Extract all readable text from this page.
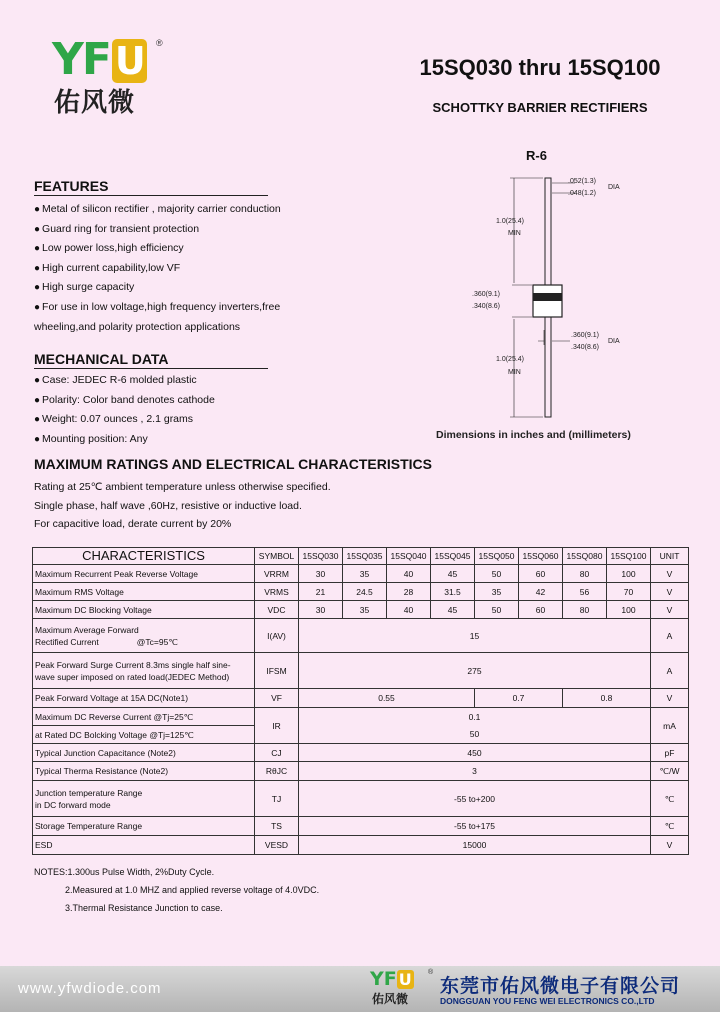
YF U	®
佑风微
15SQ030 thru 15SQ100
SCHOTTKY BARRIER RECTIFIERS
FEATURES
● Metal of silicon rectifier , majority carrier conduction
● Guard ring for transient protection
● Low power loss,high efficiency
● High current capability,low VF
● High surge capacity
● For use in low voltage,high frequency inverters,free
wheeling,and polarity protection applications
MECHANICAL DATA
● Case: JEDEC R-6 molded plastic
● Polarity: Color band denotes cathode
● Weight: 0.07 ounces , 2.1 grams
● Mounting position: Any
R-6
.052(1.3)
.048(1.2)
DIA
1.0(25.4)
MIN
.360(9.1)
.340(8.6)
.360(9.1)
.340(8.6)
DIA
1.0(25.4)
MIN
Dimensions in inches and (millimeters)
MAXIMUM RATINGS AND ELECTRICAL CHARACTERISTICS
Rating at 25℃ ambient temperature unless otherwise specified.
Single phase, half wave ,60Hz, resistive or inductive load.
For capacitive load, derate current by 20%
CHARACTERISTICS	SYMBOL	15SQ030	15SQ035	15SQ040	15SQ045	15SQ050	15SQ060	15SQ080	15SQ100	UNIT
Maximum Recurrent Peak Reverse Voltage	VRRM	30	35	40	45	50	60	80	100	V
Maximum RMS Voltage	VRMS	21	24.5	28	31.5	35	42	56	70	V
Maximum DC Blocking Voltage	VDC	30	35	40	45	50	60	80	100	V

Maximum Average Forward
Rectified Current @Tc=95℃	I(AV)	15								A

Peak Forward Surge Current 8.3ms single half sine-
wave super imposed on rated load(JEDEC Method)	IFSM	275								A
Peak Forward Voltage at 15A DC(Note1)	VF	0.55				0.7		0.8		V
Maximum DC Reverse Current @Tj=25℃	IR	0.1								mA
at Rated DC Bolcking Voltage @Tj=125℃		50								
Typical Junction Capacitance (Note2)	CJ	450								pF
Typical Therma Resistance (Note2)	RθJC	3								℃/W

Junction temperature Range
in DC forward mode	TJ	-55 to+200								℃
Storage Temperature Range	TS	-55 to+175								℃
ESD	VESD	15000								V
NOTES:1.300us Pulse Width, 2%Duty Cycle.
2.Measured at 1.0 MHZ and applied reverse voltage of 4.0VDC.
3.Thermal Resistance Junction to case.
www.yfwdiode.com	YF U ®
佑风微
东莞市佑风微电子有限公司
DONGGUAN YOU FENG WEI ELECTRONICS CO.,LTD
